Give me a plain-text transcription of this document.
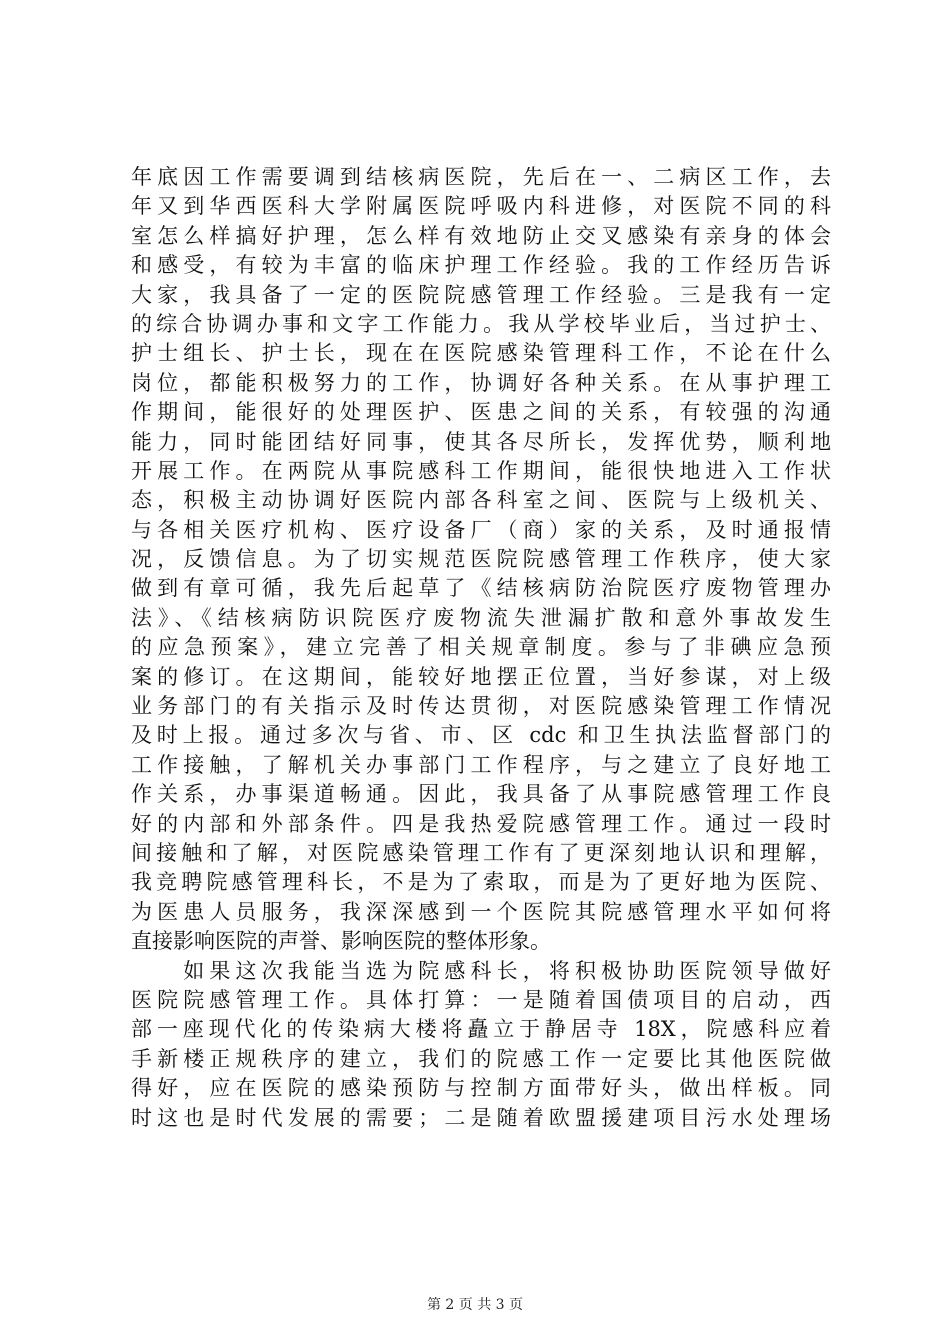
年底因工作需要调到结核病医院，先后在一、二病区工作，去
年又到华西医科大学附属医院呼吸内科进修，对医院不同的科
室怎么样搞好护理，怎么样有效地防止交叉感染有亲身的体会
和感受，有较为丰富的临床护理工作经验。我的工作经历告诉
大家，我具备了一定的医院院感管理工作经验。三是我有一定
的综合协调办事和文字工作能力。我从学校毕业后，当过护士、
护士组长、护士长，现在在医院感染管理科工作，不论在什么
岗位，都能积极努力的工作，协调好各种关系。在从事护理工
作期间，能很好的处理医护、医患之间的关系，有较强的沟通
能力，同时能团结好同事，使其各尽所长，发挥优势，顺利地
开展工作。在两院从事院感科工作期间，能很快地进入工作状
态，积极主动协调好医院内部各科室之间、医院与上级机关、
与各相关医疗机构、医疗设备厂（商）家的关系，及时通报情
况，反馈信息。为了切实规范医院院感管理工作秩序，使大家
做到有章可循，我先后起草了《结核病防治院医疗废物管理办
法》、《结核病防识院医疗废物流失泄漏扩散和意外事故发生
的应急预案》，建立完善了相关规章制度。参与了非碘应急预
案的修订。在这期间，能较好地摆正位置，当好参谋，对上级
业务部门的有关指示及时传达贯彻，对医院感染管理工作情况
及时上报。通过多次与省、市、区 cdc 和卫生执法监督部门的
工作接触，了解机关办事部门工作程序，与之建立了良好地工
作关系，办事渠道畅通。因此，我具备了从事院感管理工作良
好的内部和外部条件。四是我热爱院感管理工作。通过一段时
间接触和了解，对医院感染管理工作有了更深刻地认识和理解，
我竞聘院感管理科长，不是为了索取，而是为了更好地为医院、
为医患人员服务，我深深感到一个医院其院感管理水平如何将
直接影响医院的声誉、影响医院的整体形象。
　　如果这次我能当选为院感科长，将积极协助医院领导做好
医院院感管理工作。具体打算：一是随着国债项目的启动，西
部一座现代化的传染病大楼将矗立于静居寺 18X，院感科应着
手新楼正规秩序的建立，我们的院感工作一定要比其他医院做
得好，应在医院的感染预防与控制方面带好头，做出样板。同
时这也是时代发展的需要；二是随着欧盟援建项目污水处理场
第 2 页 共 3 页
